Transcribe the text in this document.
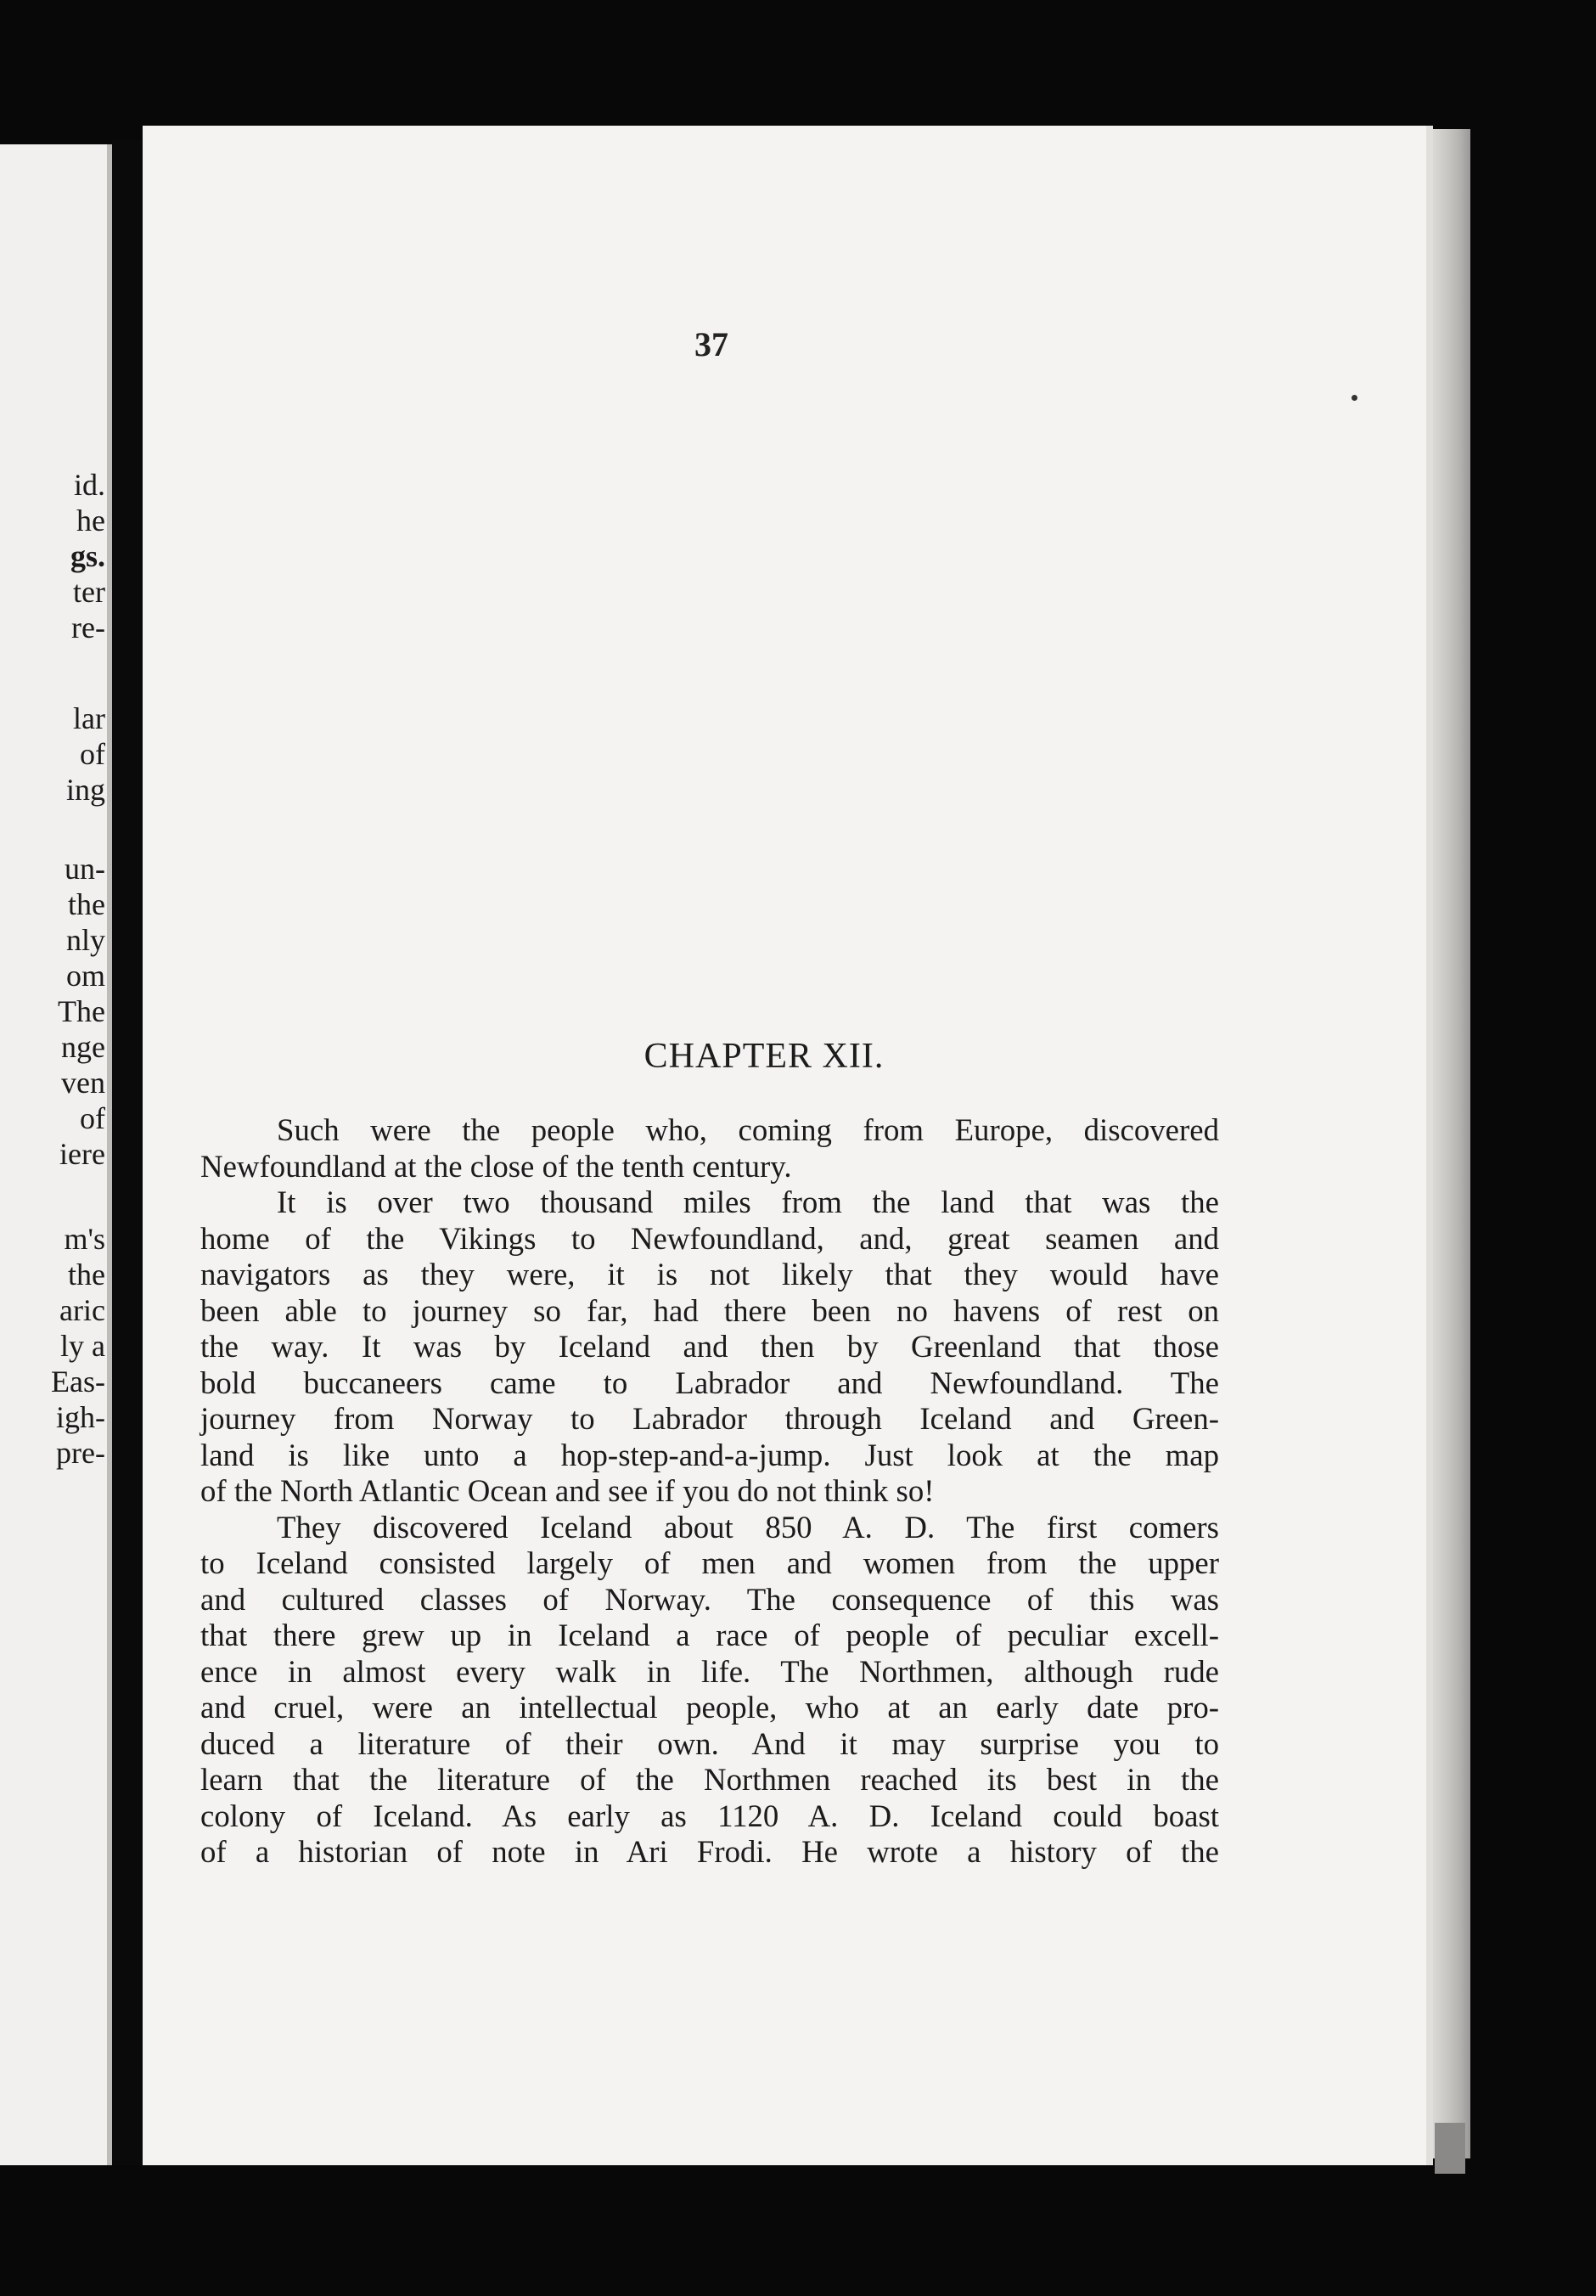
id.
he
gs.
ter
re-
lar
of
ing
un-
the
nly
om
The
nge
ven
of
iere
m's
the
aric
ly a
Eas-
igh-
pre-
37
CHAPTER XII.

Such were the people who, coming from Europe, discovered
Newfoundland at the close of the tenth century.

It is over two thousand miles from the land that was the
home of the Vikings to Newfoundland, and, great seamen and
navigators as they were, it is not likely that they would have
been able to journey so far, had there been no havens of rest on
the way. It was by Iceland and then by Greenland that those
bold buccaneers came to Labrador and Newfoundland. The
journey from Norway to Labrador through Iceland and Green-
land is like unto a hop-step-and-a-jump. Just look at the map
of the North Atlantic Ocean and see if you do not think so!

They discovered Iceland about 850 A. D. The first comers
to Iceland consisted largely of men and women from the upper
and cultured classes of Norway. The consequence of this was
that there grew up in Iceland a race of people of peculiar excell-
ence in almost every walk in life. The Northmen, although rude
and cruel, were an intellectual people, who at an early date pro-
duced a literature of their own. And it may surprise you to
learn that the literature of the Northmen reached its best in the
colony of Iceland. As early as 1120 A. D. Iceland could boast
of a historian of note in Ari Frodi. He wrote a history of the
